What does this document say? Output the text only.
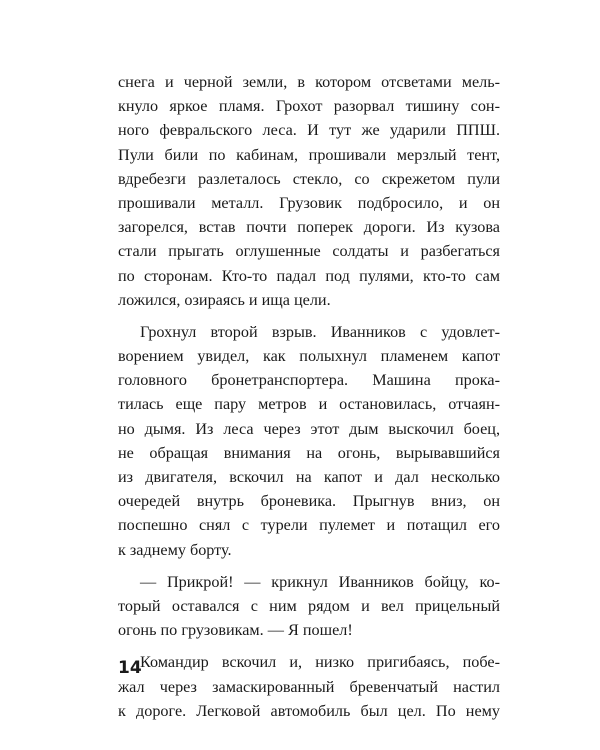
снега и черной земли, в котором отсветами мель-
кнуло яркое пламя. Грохот разорвал тишину сон-
ного февральского леса. И тут же ударили ППШ.
Пули били по кабинам, прошивали мерзлый тент,
вдребезги разлеталось стекло, со скрежетом пули
прошивали металл. Грузовик подбросило, и он
загорелся, встав почти поперек дороги. Из кузова
стали прыгать оглушенные солдаты и разбегаться
по сторонам. Кто-то падал под пулями, кто-то сам
ложился, озираясь и ища цели.
Грохнул второй взрыв. Иванников с удовлет-
ворением увидел, как полыхнул пламенем капот
головного бронетранспортера. Машина прока-
тилась еще пару метров и остановилась, отчаян-
но дымя. Из леса через этот дым выскочил боец,
не обращая внимания на огонь, вырывавшийся
из двигателя, вскочил на капот и дал несколько
очередей внутрь броневика. Прыгнув вниз, он
поспешно снял с турели пулемет и потащил его
к заднему борту.
— Прикрой! — крикнул Иванников бойцу, ко-
торый оставался с ним рядом и вел прицельный
огонь по грузовикам. — Я пошел!
Командир вскочил и, низко пригибаясь, побе-
жал через замаскированный бревенчатый настил
к дороге. Легковой автомобиль был цел. По нему
14
